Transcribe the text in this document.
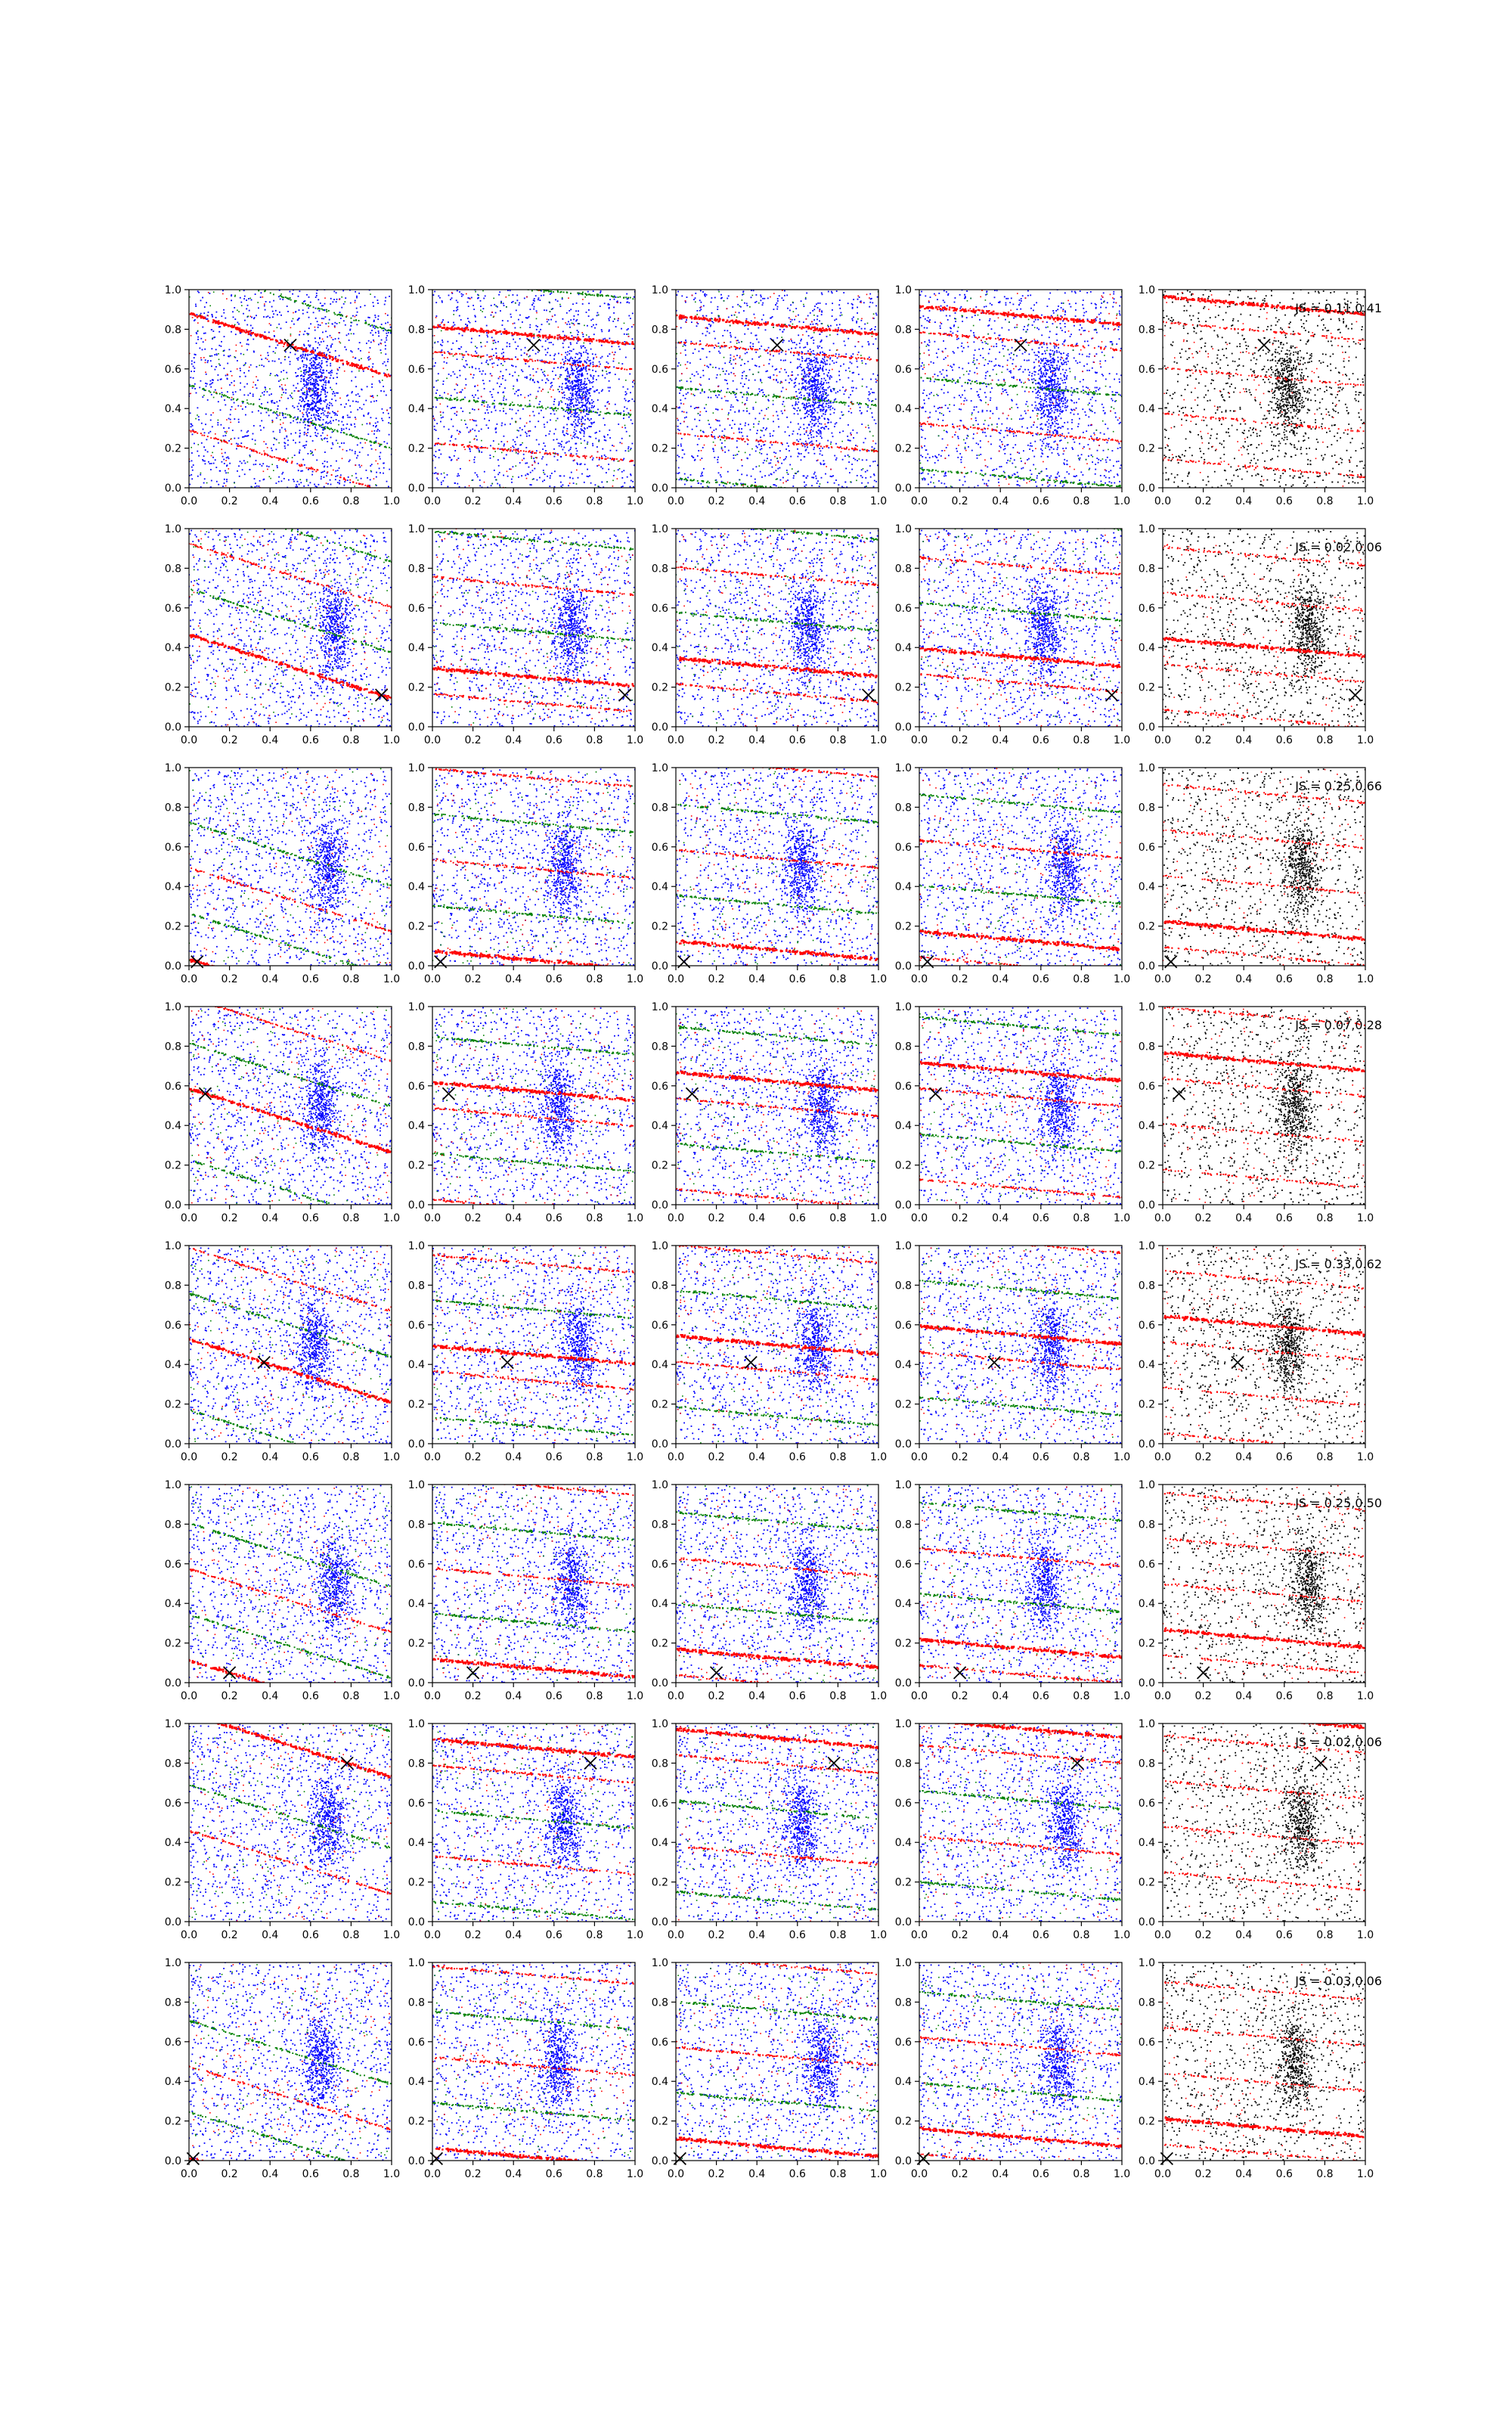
0.0 0.2 0.4 0.6 0.8 1.0
0.0
0.2
0.4
0.6
0.8
1.0
0.0 0.2 0.4 0.6 0.8 1.0
0.0
0.2
0.4
0.6
0.8
1.0
0.0 0.2 0.4 0.6 0.8 1.0
0.0
0.2
0.4
0.6
0.8
1.0
0.0 0.2 0.4 0.6 0.8 1.0
0.0
0.2
0.4
0.6
0.8
1.0
0.0 0.2 0.4 0.6 0.8 1.0
0.0
0.2
0.4
0.6
0.8
1.0
JS = 0.11,0.41
0.0 0.2 0.4 0.6 0.8 1.0
0.0
0.2
0.4
0.6
0.8
1.0
0.0 0.2 0.4 0.6 0.8 1.0
0.0
0.2
0.4
0.6
0.8
1.0
0.0 0.2 0.4 0.6 0.8 1.0
0.0
0.2
0.4
0.6
0.8
1.0
0.0 0.2 0.4 0.6 0.8 1.0
0.0
0.2
0.4
0.6
0.8
1.0
0.0 0.2 0.4 0.6 0.8 1.0
0.0
0.2
0.4
0.6
0.8
1.0
JS = 0.02,0.06
0.0 0.2 0.4 0.6 0.8 1.0
0.0
0.2
0.4
0.6
0.8
1.0
0.0 0.2 0.4 0.6 0.8 1.0
0.0
0.2
0.4
0.6
0.8
1.0
0.0 0.2 0.4 0.6 0.8 1.0
0.0
0.2
0.4
0.6
0.8
1.0
0.0 0.2 0.4 0.6 0.8 1.0
0.0
0.2
0.4
0.6
0.8
1.0
0.0 0.2 0.4 0.6 0.8 1.0
0.0
0.2
0.4
0.6
0.8
1.0
JS = 0.25,0.66
0.0 0.2 0.4 0.6 0.8 1.0
0.0
0.2
0.4
0.6
0.8
1.0
0.0 0.2 0.4 0.6 0.8 1.0
0.0
0.2
0.4
0.6
0.8
1.0
0.0 0.2 0.4 0.6 0.8 1.0
0.0
0.2
0.4
0.6
0.8
1.0
0.0 0.2 0.4 0.6 0.8 1.0
0.0
0.2
0.4
0.6
0.8
1.0
0.0 0.2 0.4 0.6 0.8 1.0
0.0
0.2
0.4
0.6
0.8
1.0
JS = 0.07,0.28
0.0 0.2 0.4 0.6 0.8 1.0
0.0
0.2
0.4
0.6
0.8
1.0
0.0 0.2 0.4 0.6 0.8 1.0
0.0
0.2
0.4
0.6
0.8
1.0
0.0 0.2 0.4 0.6 0.8 1.0
0.0
0.2
0.4
0.6
0.8
1.0
0.0 0.2 0.4 0.6 0.8 1.0
0.0
0.2
0.4
0.6
0.8
1.0
0.0 0.2 0.4 0.6 0.8 1.0
0.0
0.2
0.4
0.6
0.8
1.0
JS = 0.33,0.62
0.0 0.2 0.4 0.6 0.8 1.0
0.0
0.2
0.4
0.6
0.8
1.0
0.0 0.2 0.4 0.6 0.8 1.0
0.0
0.2
0.4
0.6
0.8
1.0
0.0 0.2 0.4 0.6 0.8 1.0
0.0
0.2
0.4
0.6
0.8
1.0
0.0 0.2 0.4 0.6 0.8 1.0
0.0
0.2
0.4
0.6
0.8
1.0
0.0 0.2 0.4 0.6 0.8 1.0
0.0
0.2
0.4
0.6
0.8
1.0
JS = 0.25,0.50
0.0 0.2 0.4 0.6 0.8 1.0
0.0
0.2
0.4
0.6
0.8
1.0
0.0 0.2 0.4 0.6 0.8 1.0
0.0
0.2
0.4
0.6
0.8
1.0
0.0 0.2 0.4 0.6 0.8 1.0
0.0
0.2
0.4
0.6
0.8
1.0
0.0 0.2 0.4 0.6 0.8 1.0
0.0
0.2
0.4
0.6
0.8
1.0
0.0 0.2 0.4 0.6 0.8 1.0
0.0
0.2
0.4
0.6
0.8
1.0
JS = 0.02,0.06
0.0 0.2 0.4 0.6 0.8 1.0
0.0
0.2
0.4
0.6
0.8
1.0
0.0 0.2 0.4 0.6 0.8 1.0
0.0
0.2
0.4
0.6
0.8
1.0
0.0 0.2 0.4 0.6 0.8 1.0
0.0
0.2
0.4
0.6
0.8
1.0
0.0 0.2 0.4 0.6 0.8 1.0
0.0
0.2
0.4
0.6
0.8
1.0
0.0 0.2 0.4 0.6 0.8 1.0
0.0
0.2
0.4
0.6
0.8
1.0
JS = 0.03,0.06
